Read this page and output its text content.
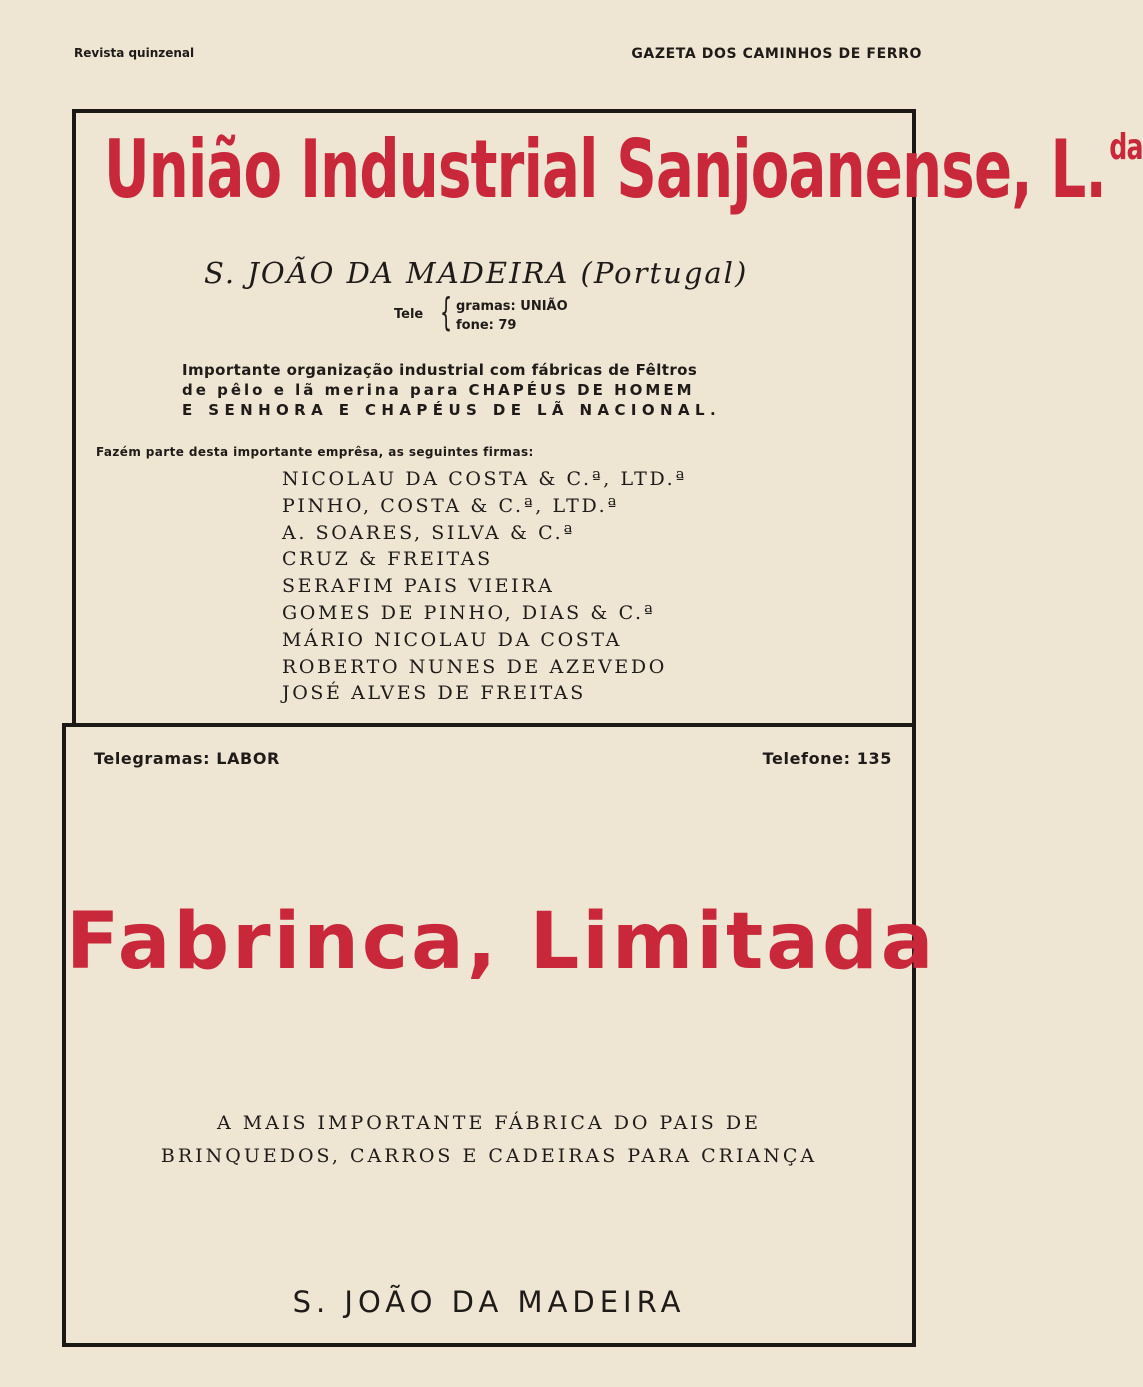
Revista quinzenal	GAZETA DOS CAMINHOS DE FERRO
União Industrial Sanjoanense, L.$^{da}$
S. JOÃO DA MADEIRA (Portugal)
Tele { gramas: UNIÃO
fone: 79
Importante organização industrial com fábricas de Fêltros
de pêlo e lã merina para CHAPÉUS DE HOMEM
E SENHORA E CHAPÉUS DE LÃ NACIONAL.
Fazém parte desta importante emprêsa, as seguintes firmas:
NICOLAU DA COSTA & C.ª, LTD.ª
PINHO, COSTA & C.ª, LTD.ª
A. SOARES, SILVA & C.ª
CRUZ & FREITAS
SERAFIM PAIS VIEIRA
GOMES DE PINHO, DIAS & C.ª
MÁRIO NICOLAU DA COSTA
ROBERTO NUNES DE AZEVEDO
JOSÉ ALVES DE FREITAS
Telegramas: LABOR	Telefone: 135
Fabrinca, Limitada
A MAIS IMPORTANTE FÁBRICA DO PAIS DE
BRINQUEDOS, CARROS E CADEIRAS PARA CRIANÇA
S. JOÃO DA MADEIRA
